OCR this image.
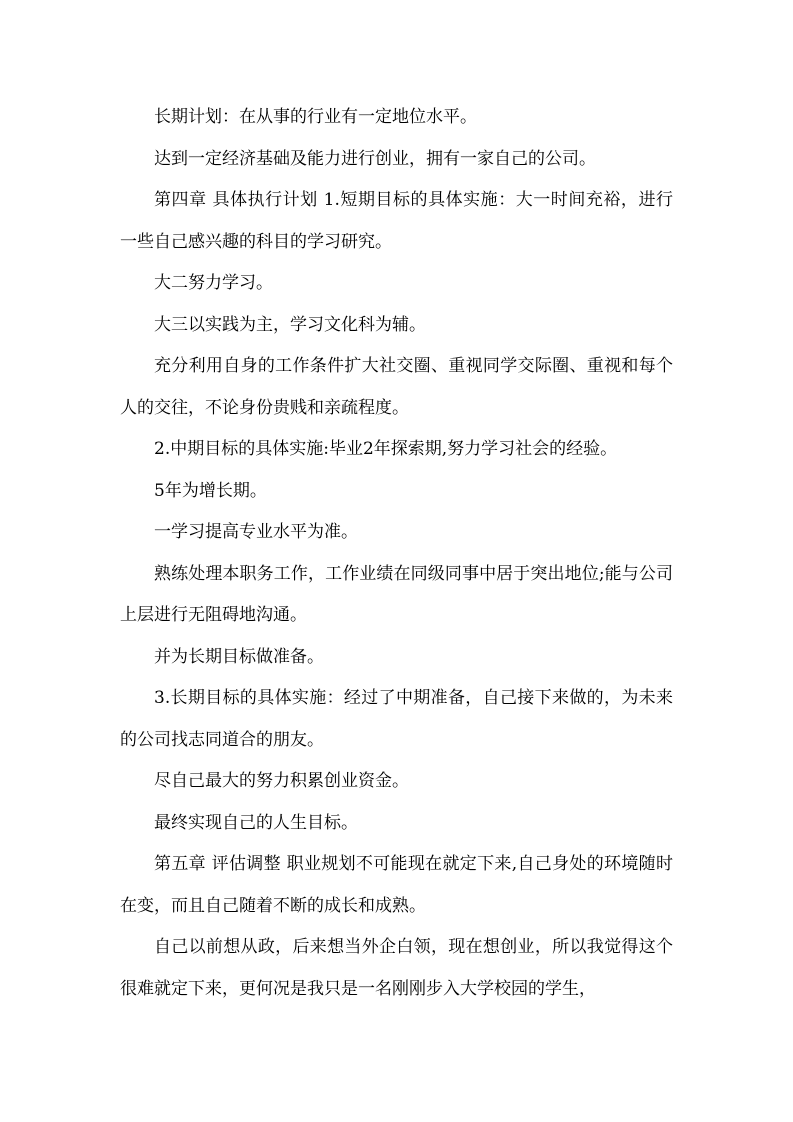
长期计划：在从事的行业有一定地位水平。

达到一定经济基础及能力进行创业，拥有一家自己的公司。

第四章 具体执行计划 1.短期目标的具体实施：大一时间充裕，进行一些自己感兴趣的科目的学习研究。

大二努力学习。

大三以实践为主，学习文化科为辅。

充分利用自身的工作条件扩大社交圈、重视同学交际圈、重视和每个人的交往，不论身份贵贱和亲疏程度。

2.中期目标的具体实施:毕业2年探索期,努力学习社会的经验。

5年为增长期。

一学习提高专业水平为准。

熟练处理本职务工作，工作业绩在同级同事中居于突出地位;能与公司上层进行无阻碍地沟通。

并为长期目标做准备。

3.长期目标的具体实施：经过了中期准备，自己接下来做的，为未来的公司找志同道合的朋友。

尽自己最大的努力积累创业资金。

最终实现自己的人生目标。

第五章 评估调整 职业规划不可能现在就定下来,自己身处的环境随时在变，而且自己随着不断的成长和成熟。

自己以前想从政，后来想当外企白领，现在想创业，所以我觉得这个很难就定下来，更何况是我只是一名刚刚步入大学校园的学生，
